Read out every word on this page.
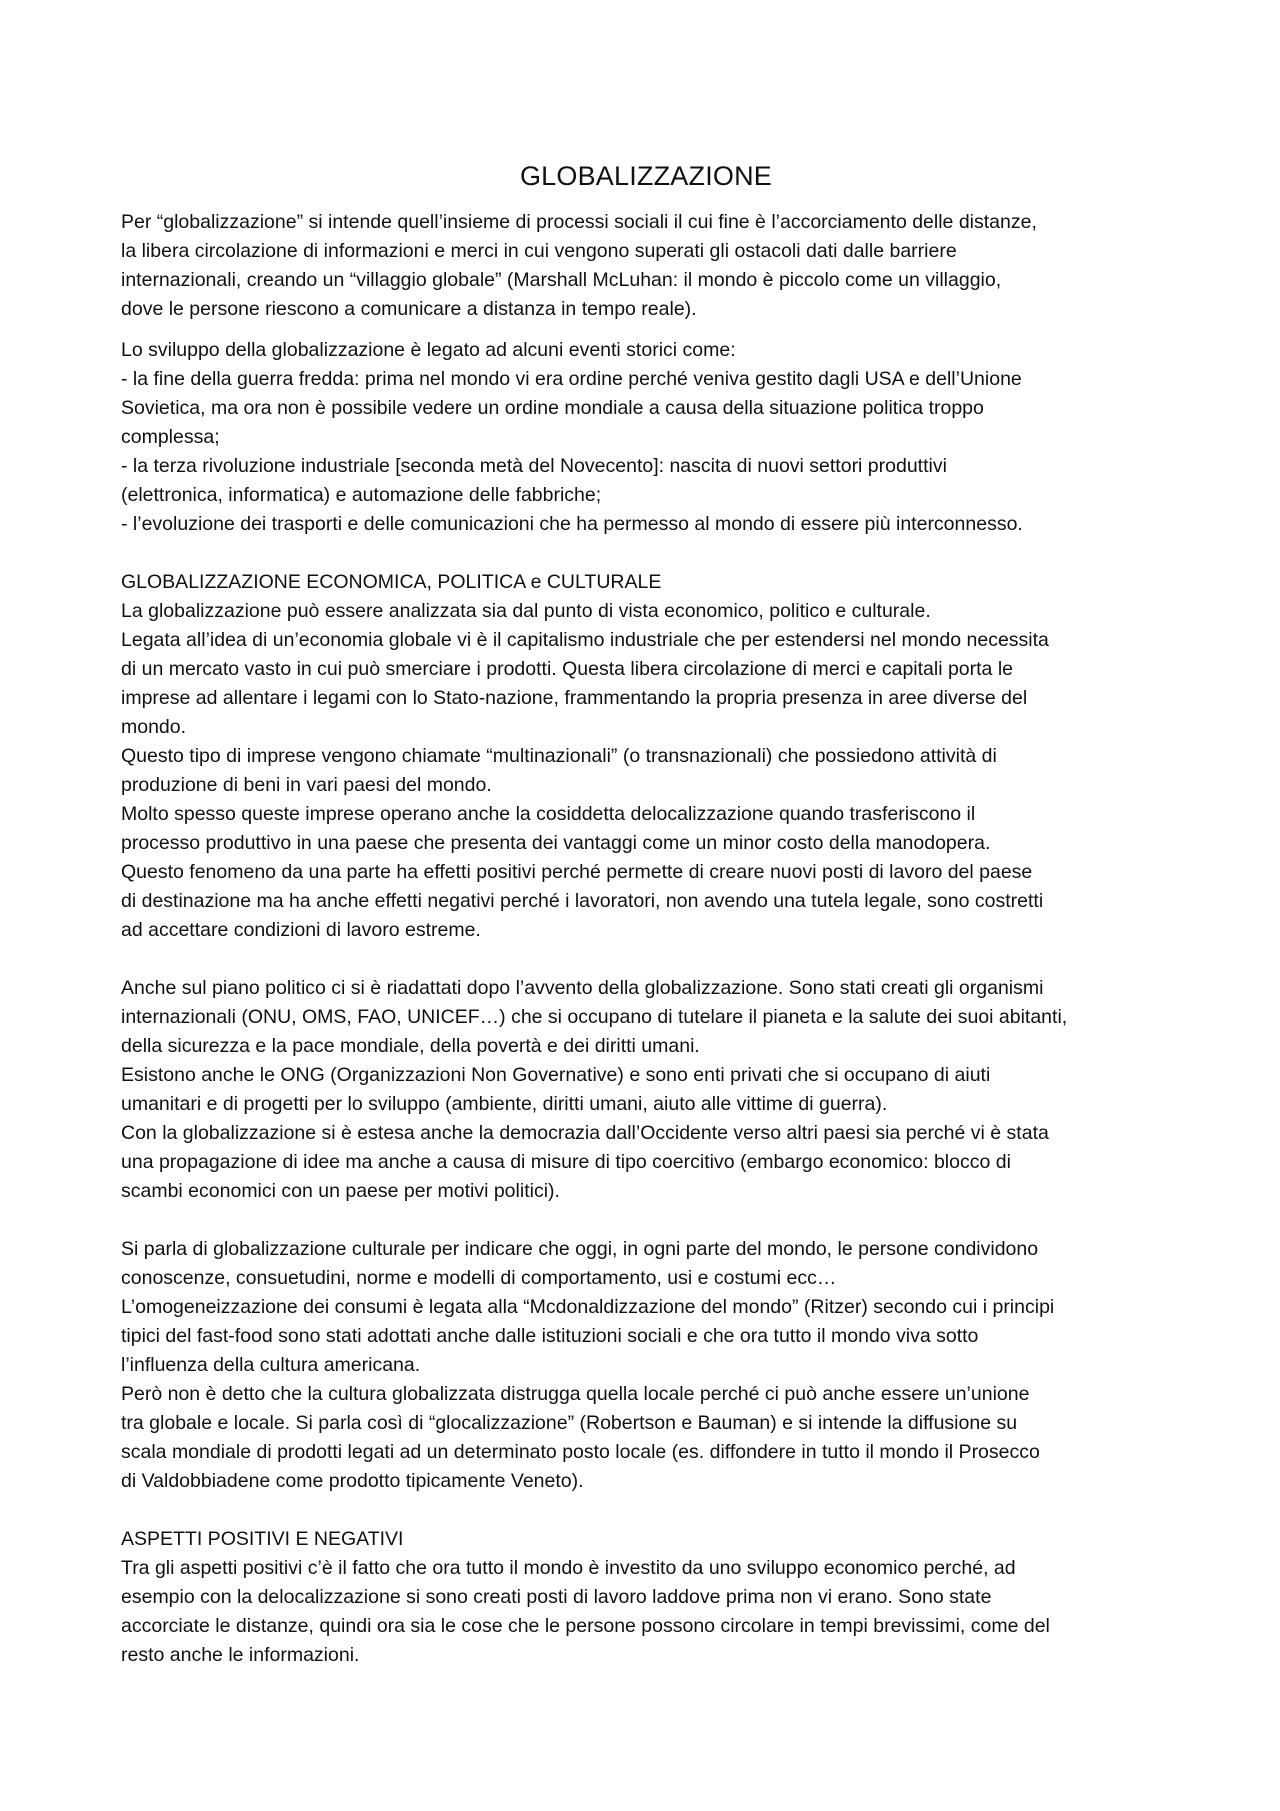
GLOBALIZZAZIONE
Per “globalizzazione” si intende quell’insieme di processi sociali il cui fine è l’accorciamento delle distanze,
la libera circolazione di informazioni e merci in cui vengono superati gli ostacoli dati dalle barriere
internazionali, creando un “villaggio globale” (Marshall McLuhan: il mondo è piccolo come un villaggio,
dove le persone riescono a comunicare a distanza in tempo reale).
Lo sviluppo della globalizzazione è legato ad alcuni eventi storici come:
- la fine della guerra fredda: prima nel mondo vi era ordine perché veniva gestito dagli USA e dell’Unione
Sovietica, ma ora non è possibile vedere un ordine mondiale a causa della situazione politica troppo
complessa;
- la terza rivoluzione industriale [seconda metà del Novecento]: nascita di nuovi settori produttivi
(elettronica, informatica) e automazione delle fabbriche;
- l’evoluzione dei trasporti e delle comunicazioni che ha permesso al mondo di essere più interconnesso.
GLOBALIZZAZIONE ECONOMICA, POLITICA e CULTURALE
La globalizzazione può essere analizzata sia dal punto di vista economico, politico e culturale.
Legata all’idea di un’economia globale vi è il capitalismo industriale che per estendersi nel mondo necessita
di un mercato vasto in cui può smerciare i prodotti. Questa libera circolazione di merci e capitali porta le
imprese ad allentare i legami con lo Stato-nazione, frammentando la propria presenza in aree diverse del
mondo.
Questo tipo di imprese vengono chiamate “multinazionali” (o transnazionali) che possiedono attività di
produzione di beni in vari paesi del mondo.
Molto spesso queste imprese operano anche la cosiddetta delocalizzazione quando trasferiscono il
processo produttivo in una paese che presenta dei vantaggi come un minor costo della manodopera.
Questo fenomeno da una parte ha effetti positivi perché permette di creare nuovi posti di lavoro del paese
di destinazione ma ha anche effetti negativi perché i lavoratori, non avendo una tutela legale, sono costretti
ad accettare condizioni di lavoro estreme.
Anche sul piano politico ci si è riadattati dopo l’avvento della globalizzazione. Sono stati creati gli organismi
internazionali (ONU, OMS, FAO, UNICEF…) che si occupano di tutelare il pianeta e la salute dei suoi abitanti,
della sicurezza e la pace mondiale, della povertà e dei diritti umani.
Esistono anche le ONG (Organizzazioni Non Governative) e sono enti privati che si occupano di aiuti
umanitari e di progetti per lo sviluppo (ambiente, diritti umani, aiuto alle vittime di guerra).
Con la globalizzazione si è estesa anche la democrazia dall’Occidente verso altri paesi sia perché vi è stata
una propagazione di idee ma anche a causa di misure di tipo coercitivo (embargo economico: blocco di
scambi economici con un paese per motivi politici).
Si parla di globalizzazione culturale per indicare che oggi, in ogni parte del mondo, le persone condividono
conoscenze, consuetudini, norme e modelli di comportamento, usi e costumi ecc…
L’omogeneizzazione dei consumi è legata alla “Mcdonaldizzazione del mondo” (Ritzer) secondo cui i principi
tipici del fast-food sono stati adottati anche dalle istituzioni sociali e che ora tutto il mondo viva sotto
l’influenza della cultura americana.
Però non è detto che la cultura globalizzata distrugga quella locale perché ci può anche essere un’unione
tra globale e locale. Si parla così di “glocalizzazione” (Robertson e Bauman) e si intende la diffusione su
scala mondiale di prodotti legati ad un determinato posto locale (es. diffondere in tutto il mondo il Prosecco
di Valdobbiadene come prodotto tipicamente Veneto).
ASPETTI POSITIVI E NEGATIVI
Tra gli aspetti positivi c’è il fatto che ora tutto il mondo è investito da uno sviluppo economico perché, ad
esempio con la delocalizzazione si sono creati posti di lavoro laddove prima non vi erano. Sono state
accorciate le distanze, quindi ora sia le cose che le persone possono circolare in tempi brevissimi, come del
resto anche le informazioni.
